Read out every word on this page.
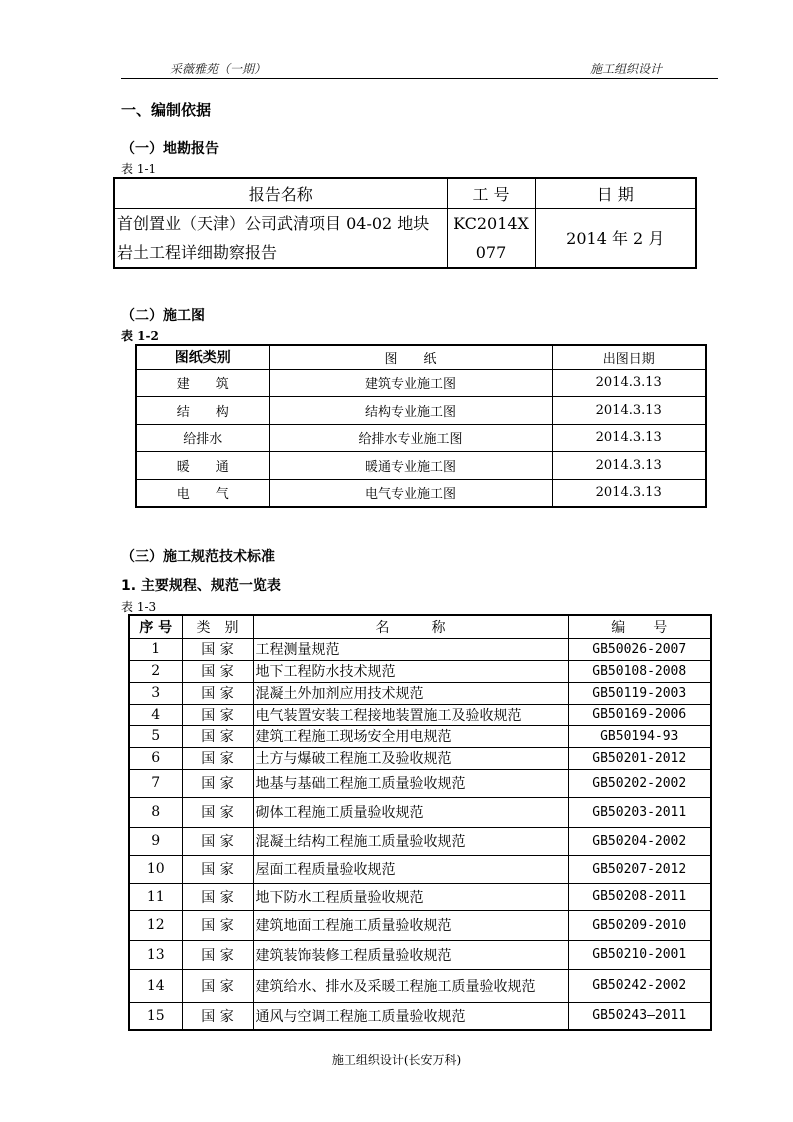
采薇雅苑（一期）	施工组织设计
一、编制依据
（一）地勘报告
表 1-1
报告名称	工 号	日 期
首创置业（天津）公司武清项目 04-02 地块岩土工程详细勘察报告	KC2014X077	2014 年 2 月
（二）施工图
表 1-2
图纸类别	图　　纸	出图日期
建　　筑	建筑专业施工图	2014.3.13
结　　构	结构专业施工图	2014.3.13
给排水	给排水专业施工图	2014.3.13
暖　　通	暖通专业施工图	2014.3.13
电　　气	电气专业施工图	2014.3.13
（三）施工规范技术标准
1. 主要规程、规范一览表
表 1-3
序 号	类　别	名　　　称	编　　号
1	国 家	工程测量规范	GB50026-2007
2	国 家	地下工程防水技术规范	GB50108-2008
3	国 家	混凝土外加剂应用技术规范	GB50119-2003
4	国 家	电气装置安装工程接地装置施工及验收规范	GB50169-2006
5	国 家	建筑工程施工现场安全用电规范	GB50194-93
6	国 家	土方与爆破工程施工及验收规范	GB50201-2012
7	国 家	地基与基础工程施工质量验收规范	GB50202-2002
8	国 家	砌体工程施工质量验收规范	GB50203-2011
9	国 家	混凝土结构工程施工质量验收规范	GB50204-2002
10	国 家	屋面工程质量验收规范	GB50207-2012
11	国 家	地下防水工程质量验收规范	GB50208-2011
12	国 家	建筑地面工程施工质量验收规范	GB50209-2010
13	国 家	建筑装饰装修工程质量验收规范	GB50210-2001
14	国 家	建筑给水、排水及采暖工程施工质量验收规范	GB50242-2002
15	国 家	通风与空调工程施工质量验收规范	GB50243—2011
施工组织设计(长安万科)
